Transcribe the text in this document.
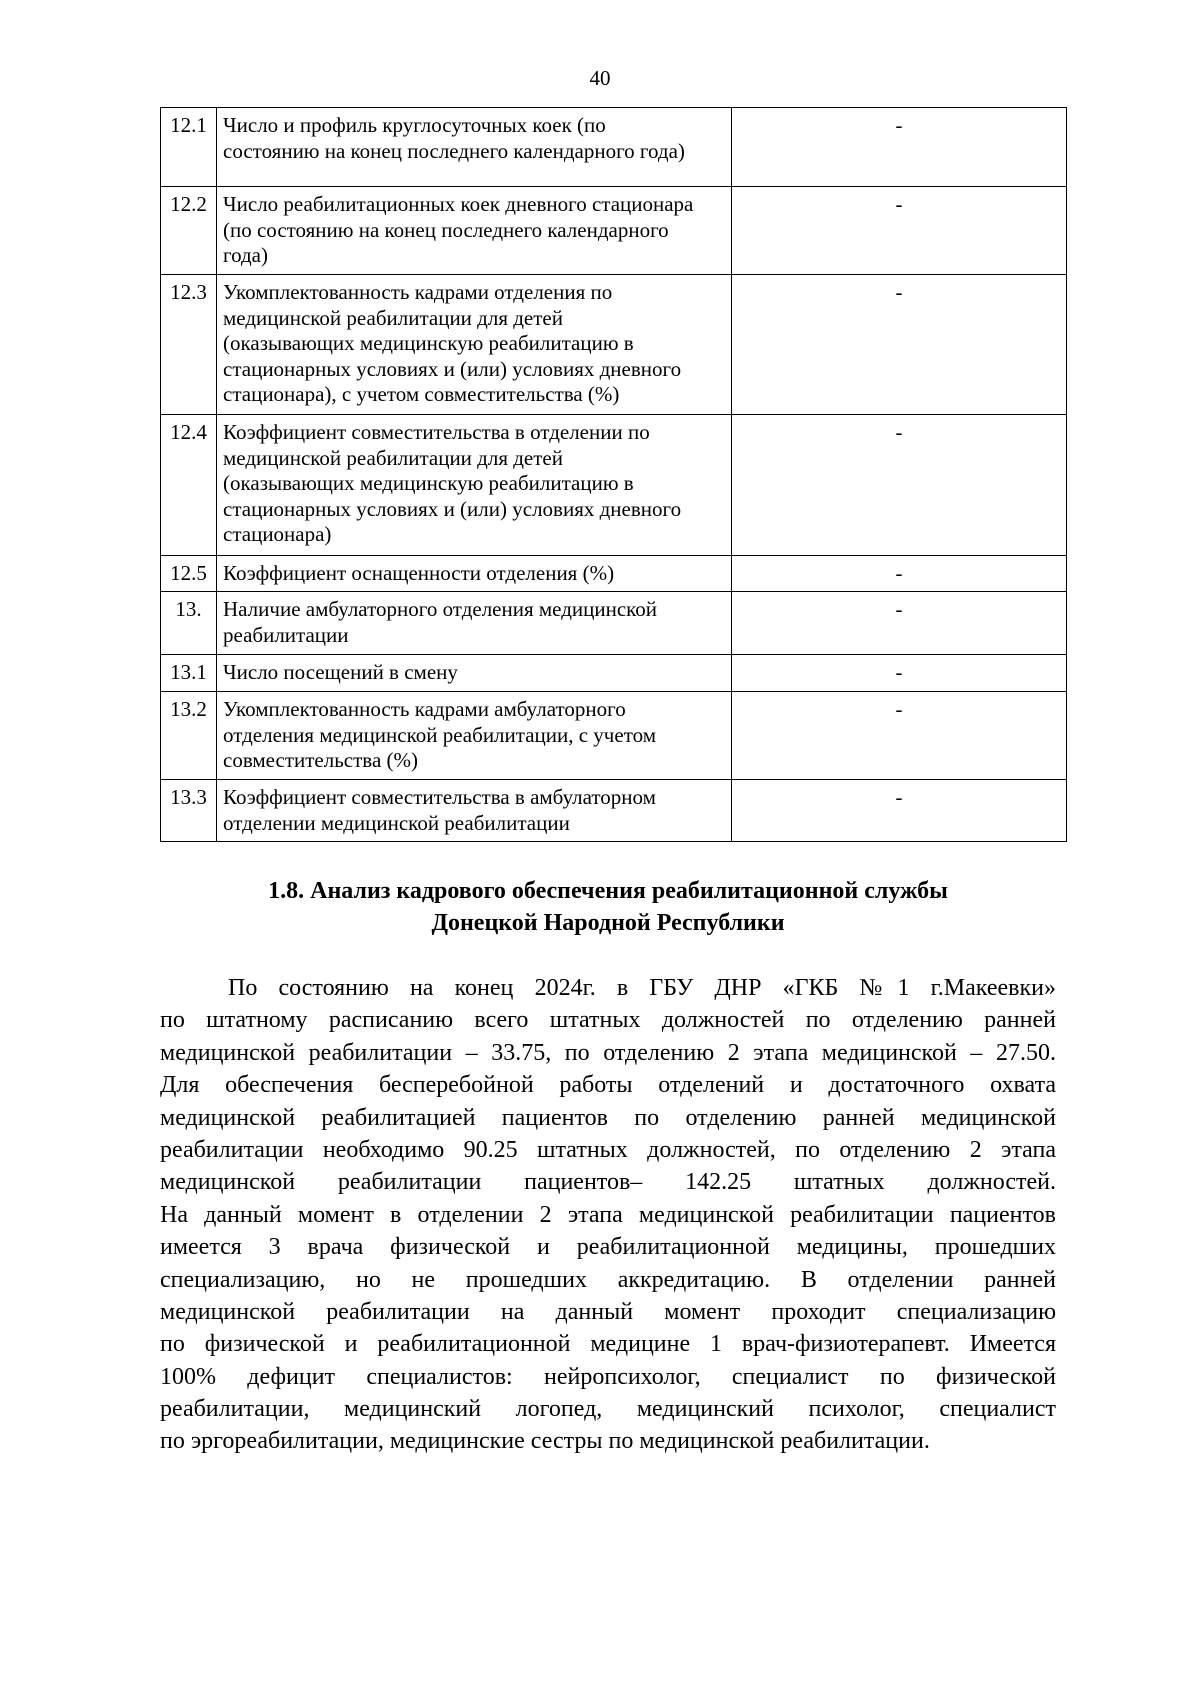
40
12.1	Число и профиль круглосуточных коек (по
состоянию на конец последнего календарного года)	-
12.2	Число реабилитационных коек дневного стационара
(по состоянию на конец последнего календарного
года)	-
12.3	Укомплектованность кадрами отделения по
медицинской реабилитации для детей
(оказывающих медицинскую реабилитацию в
стационарных условиях и (или) условиях дневного
стационара), с учетом совместительства (%)	-
12.4	Коэффициент совместительства в отделении по
медицинской реабилитации для детей
(оказывающих медицинскую реабилитацию в
стационарных условиях и (или) условиях дневного
стационара)	-
12.5	Коэффициент оснащенности отделения (%)	-
13.	Наличие амбулаторного отделения медицинской
реабилитации	-
13.1	Число посещений в смену	-
13.2	Укомплектованность кадрами амбулаторного
отделения медицинской реабилитации, с учетом
совместительства (%)	-
13.3	Коэффициент совместительства в амбулаторном
отделении медицинской реабилитации	-
1.8. Анализ кадрового обеспечения реабилитационной службы
Донецкой Народной Республики
По состоянию на конец 2024г. в ГБУ ДНР «ГКБ №1 г.Макеевки»
по штатному расписанию всего штатных должностей по отделению ранней
медицинской реабилитации – 33.75, по отделению 2 этапа медицинской – 27.50.
Для обеспечения бесперебойной работы отделений и достаточного охвата
медицинской реабилитацией пациентов по отделению ранней медицинской
реабилитации необходимо 90.25 штатных должностей, по отделению 2 этапа
медицинской реабилитации пациентов– 142.25 штатных должностей.
На данный момент в отделении 2 этапа медицинской реабилитации пациентов
имеется 3 врача физической и реабилитационной медицины, прошедших
специализацию, но не прошедших аккредитацию. В отделении ранней
медицинской реабилитации на данный момент проходит специализацию
по физической и реабилитационной медицине 1 врач-физиотерапевт. Имеется
100% дефицит специалистов: нейропсихолог, специалист по физической
реабилитации, медицинский логопед, медицинский психолог, специалист
по эргореабилитации, медицинские сестры по медицинской реабилитации.
